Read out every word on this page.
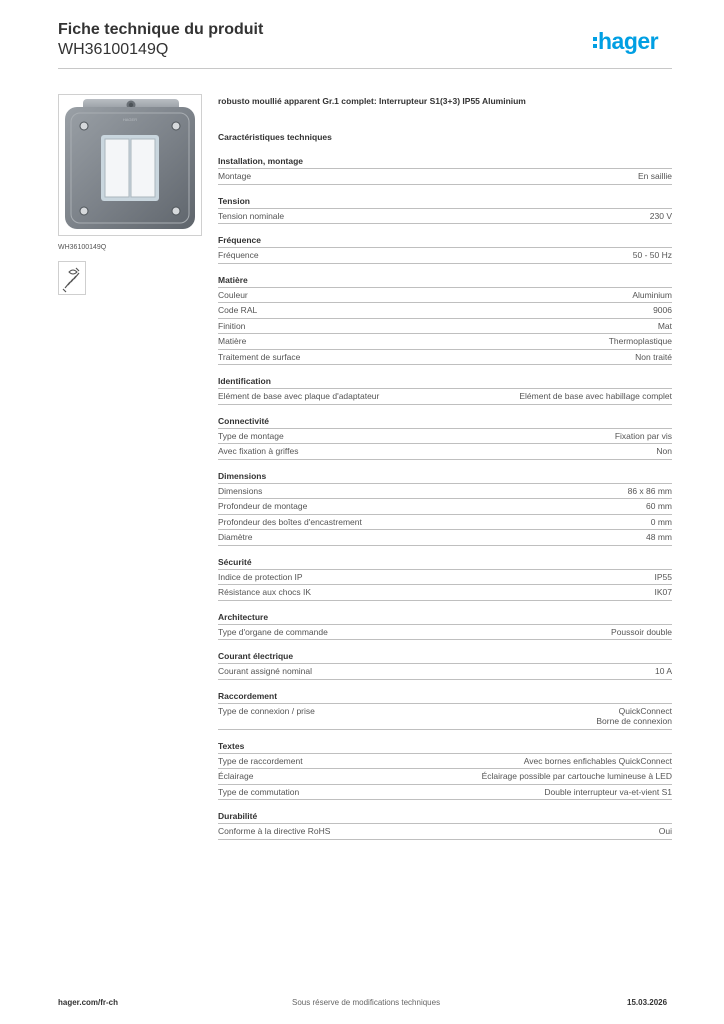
Fiche technique du produit
WH36100149Q	hager
HAGER
WH36100149Q
robusto moullié apparent Gr.1 complet: Interrupteur S1(3+3) IP55 Aluminium
Caractéristiques techniques
Installation, montage
Montage	En saillie
Tension
Tension nominale	230 V
Fréquence
Fréquence	50 - 50 Hz
Matière
Couleur	Aluminium
Code RAL	9006
Finition	Mat
Matière	Thermoplastique
Traitement de surface	Non traité
Identification
Elément de base avec plaque d'adaptateur	Elément de base avec habillage complet
Connectivité
Type de montage	Fixation par vis
Avec fixation à griffes	Non
Dimensions
Dimensions	86 x 86 mm
Profondeur de montage	60 mm
Profondeur des boîtes d'encastrement	0 mm
Diamètre	48 mm
Sécurité
Indice de protection IP	IP55
Résistance aux chocs IK	IK07
Architecture
Type d'organe de commande	Poussoir double
Courant électrique
Courant assigné nominal	10 A
Raccordement
Type de connexion / prise	QuickConnect
Borne de connexion
Textes
Type de raccordement	Avec bornes enfichables QuickConnect
Éclairage	Éclairage possible par cartouche lumineuse à LED
Type de commutation	Double interrupteur va-et-vient S1
Durabilité
Conforme à la directive RoHS	Oui
hager.com/fr-ch	Sous réserve de modifications techniques	15.03.2026
